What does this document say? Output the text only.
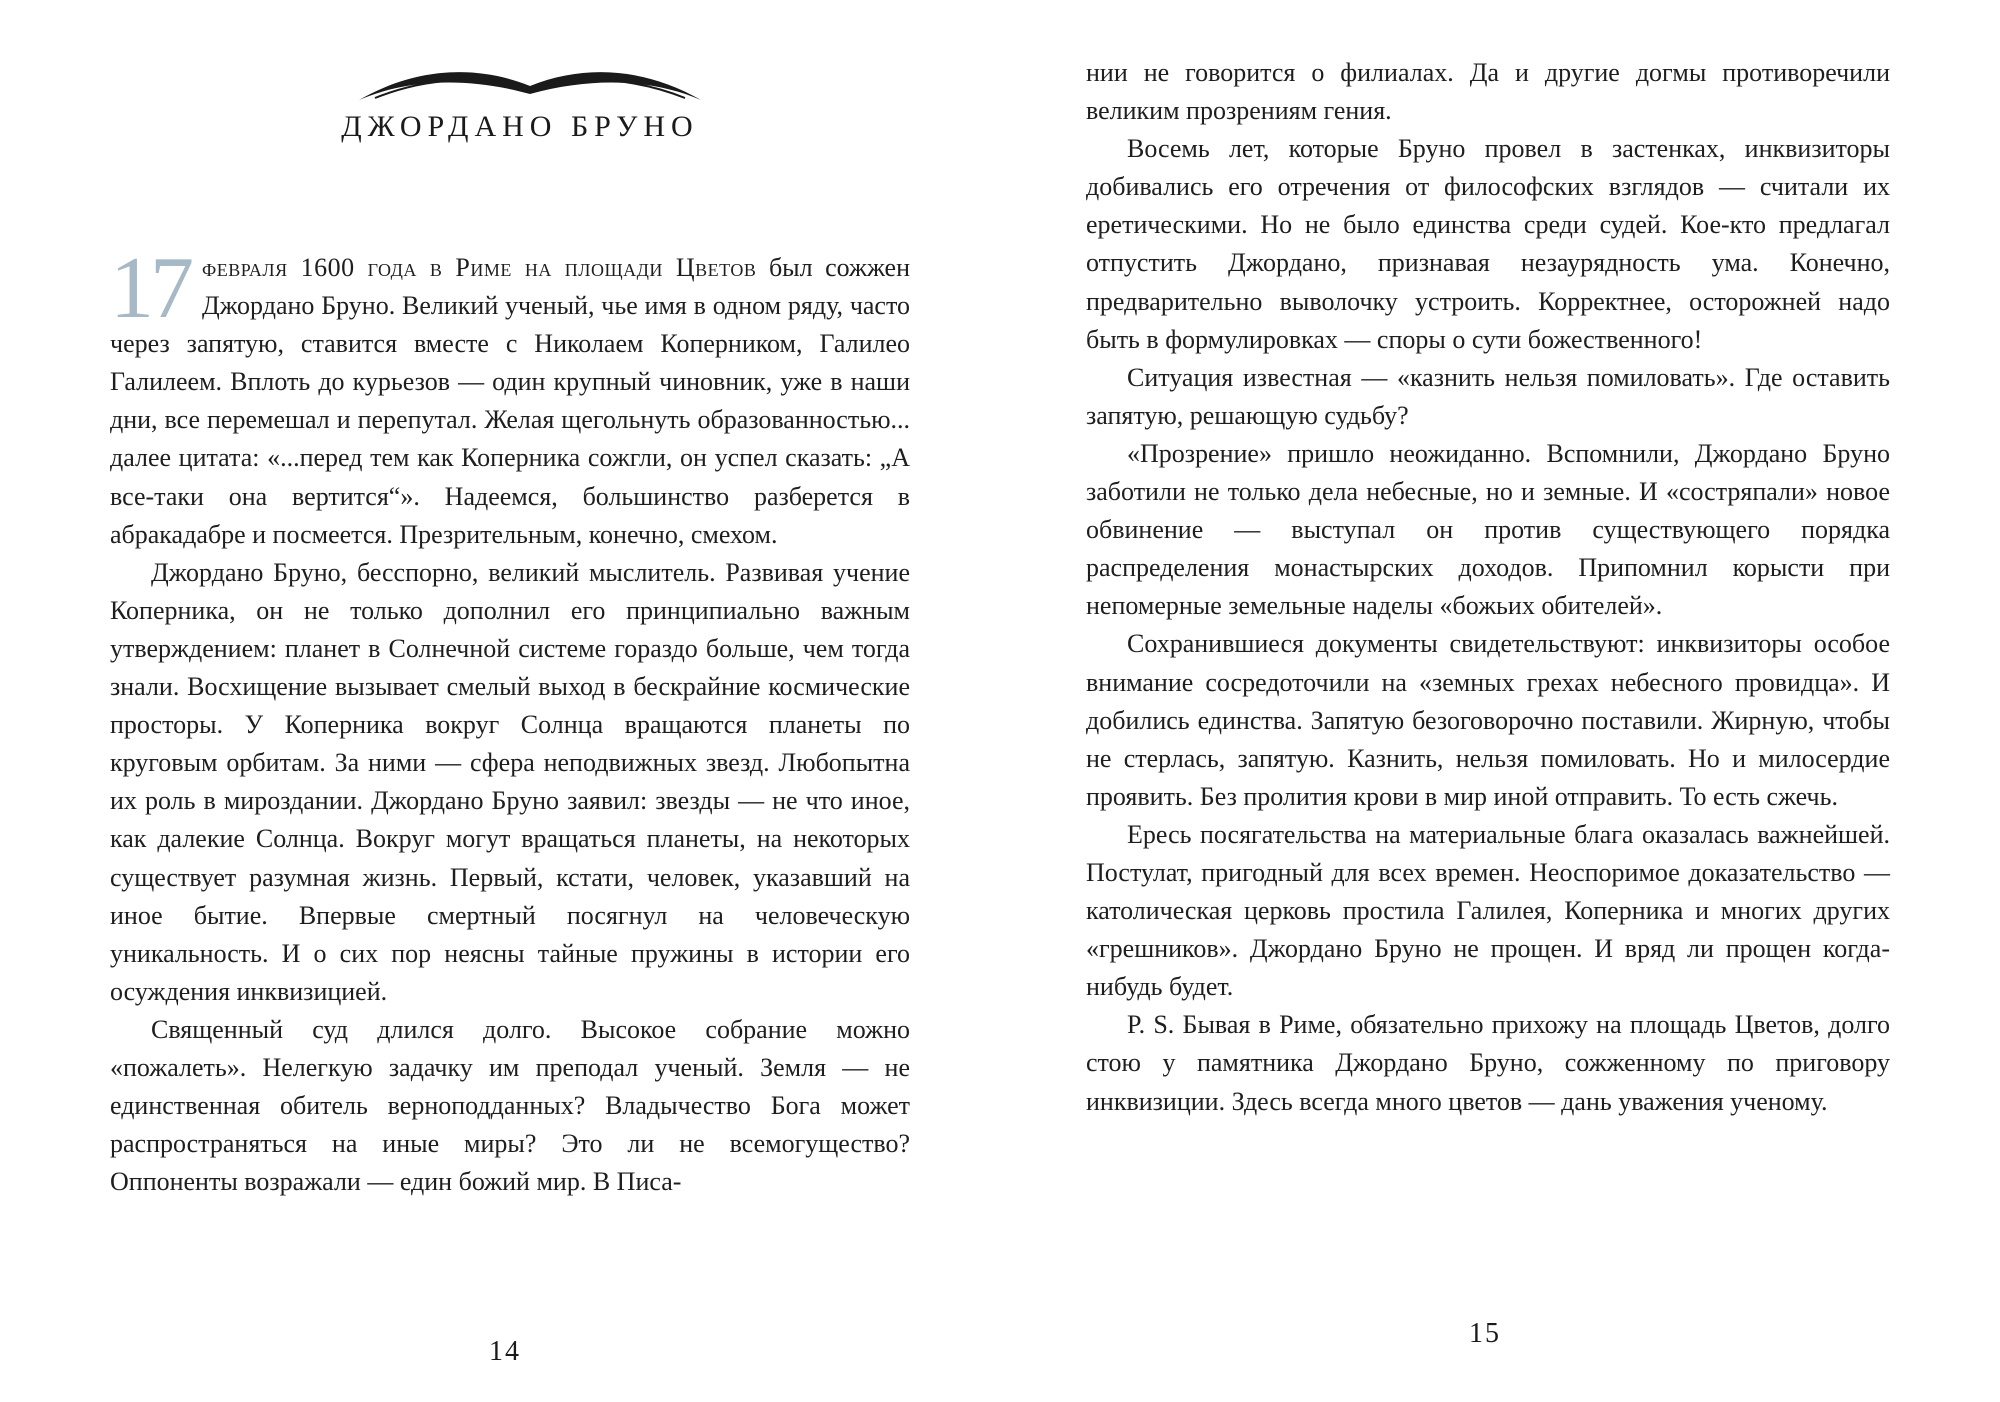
ДЖОРДАНО БРУНО

17 февраля 1600 года в Риме на площади Цветов был сожжен Джордано Бруно. Великий ученый, чье имя в одном ряду, часто через запятую, ставится вместе с Николаем Коперником, Галилео Галилеем. Вплоть до курьезов — один крупный чиновник, уже в наши дни, все перемешал и перепутал. Желая щегольнуть образованностью... далее цитата: «...перед тем как Коперника сожгли, он успел сказать: „А все-таки она вертится“». Надеемся, большинство разберется в абракадабре и посмеется. Презрительным, конечно, смехом.

Джордано Бруно, бесспорно, великий мыслитель. Развивая учение Коперника, он не только дополнил его принципиально важным утверждением: планет в Солнечной системе гораздо больше, чем тогда знали. Восхищение вызывает смелый выход в бескрайние космические просторы. У Коперника вокруг Солнца вращаются планеты по круговым орбитам. За ними — сфера неподвижных звезд. Любопытна их роль в мироздании. Джордано Бруно заявил: звезды — не что иное, как далекие Солнца. Вокруг могут вращаться планеты, на некоторых существует разумная жизнь. Первый, кстати, человек, указавший на иное бытие. Впервые смертный посягнул на человеческую уникальность. И о сих пор неясны тайные пружины в истории его осуждения инквизицией.

Священный суд длился долго. Высокое собрание можно «пожалеть». Нелегкую задачку им преподал ученый. Земля — не единственная обитель верноподданных? Владычество Бога может распространяться на иные миры? Это ли не всемогущество? Оппоненты возражали — един божий мир. В Писа-

14

нии не говорится о филиалах. Да и другие догмы противоречили великим прозрениям гения.

Восемь лет, которые Бруно провел в застенках, инквизиторы добивались его отречения от философских взглядов — считали их еретическими. Но не было единства среди судей. Кое-кто предлагал отпустить Джордано, признавая незаурядность ума. Конечно, предварительно выволочку устроить. Корректнее, осторожней надо быть в формулировках — споры о сути божественного!

Ситуация известная — «казнить нельзя помиловать». Где оставить запятую, решающую судьбу?

«Прозрение» пришло неожиданно. Вспомнили, Джордано Бруно заботили не только дела небесные, но и земные. И «состряпали» новое обвинение — выступал он против существующего порядка распределения монастырских доходов. Припомнил корысти при непомерные земельные наделы «божьих обителей».

Сохранившиеся документы свидетельствуют: инквизиторы особое внимание сосредоточили на «земных грехах небесного провидца». И добились единства. Запятую безоговорочно поставили. Жирную, чтобы не стерлась, запятую. Казнить, нельзя помиловать. Но и милосердие проявить. Без пролития крови в мир иной отправить. То есть сжечь.

Ересь посягательства на материальные блага оказалась важнейшей. Постулат, пригодный для всех времен. Неоспоримое доказательство — католическая церковь простила Галилея, Коперника и многих других «грешников». Джордано Бруно не прощен. И вряд ли прощен когда-нибудь будет.

P. S. Бывая в Риме, обязательно прихожу на площадь Цветов, долго стою у памятника Джордано Бруно, сожженному по приговору инквизиции. Здесь всегда много цветов — дань уважения ученому.

15
